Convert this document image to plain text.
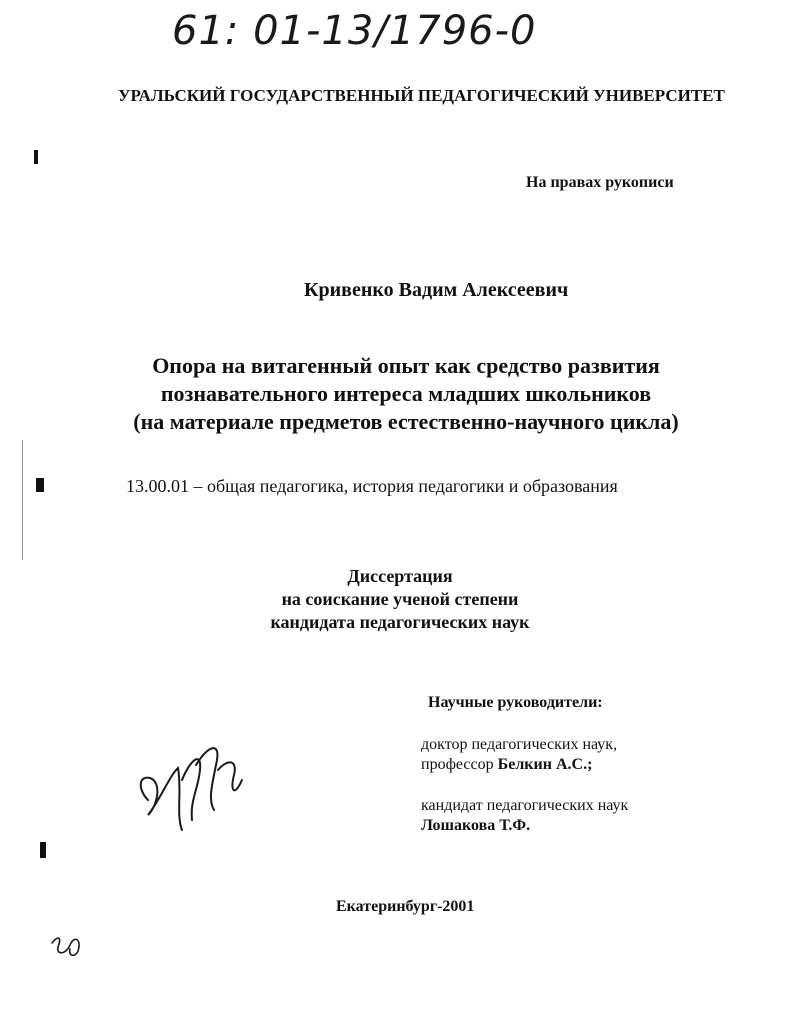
61: 01-13/1796-0
УРАЛЬСКИЙ ГОСУДАРСТВЕННЫЙ ПЕДАГОГИЧЕСКИЙ УНИВЕРСИТЕТ
На правах рукописи
Кривенко Вадим Алексеевич
Опора на витагенный опыт как средство развития
познавательного интереса младших школьников
(на материале предметов естественно-научного цикла)
13.00.01 – общая педагогика, история педагогики и образования
Диссертация
на соискание ученой степени
кандидата педагогических наук
Научные руководители:
доктор педагогических наук,
профессор Белкин А.С.;
кандидат педагогических наук
Лошакова Т.Ф.
Екатеринбург-2001
